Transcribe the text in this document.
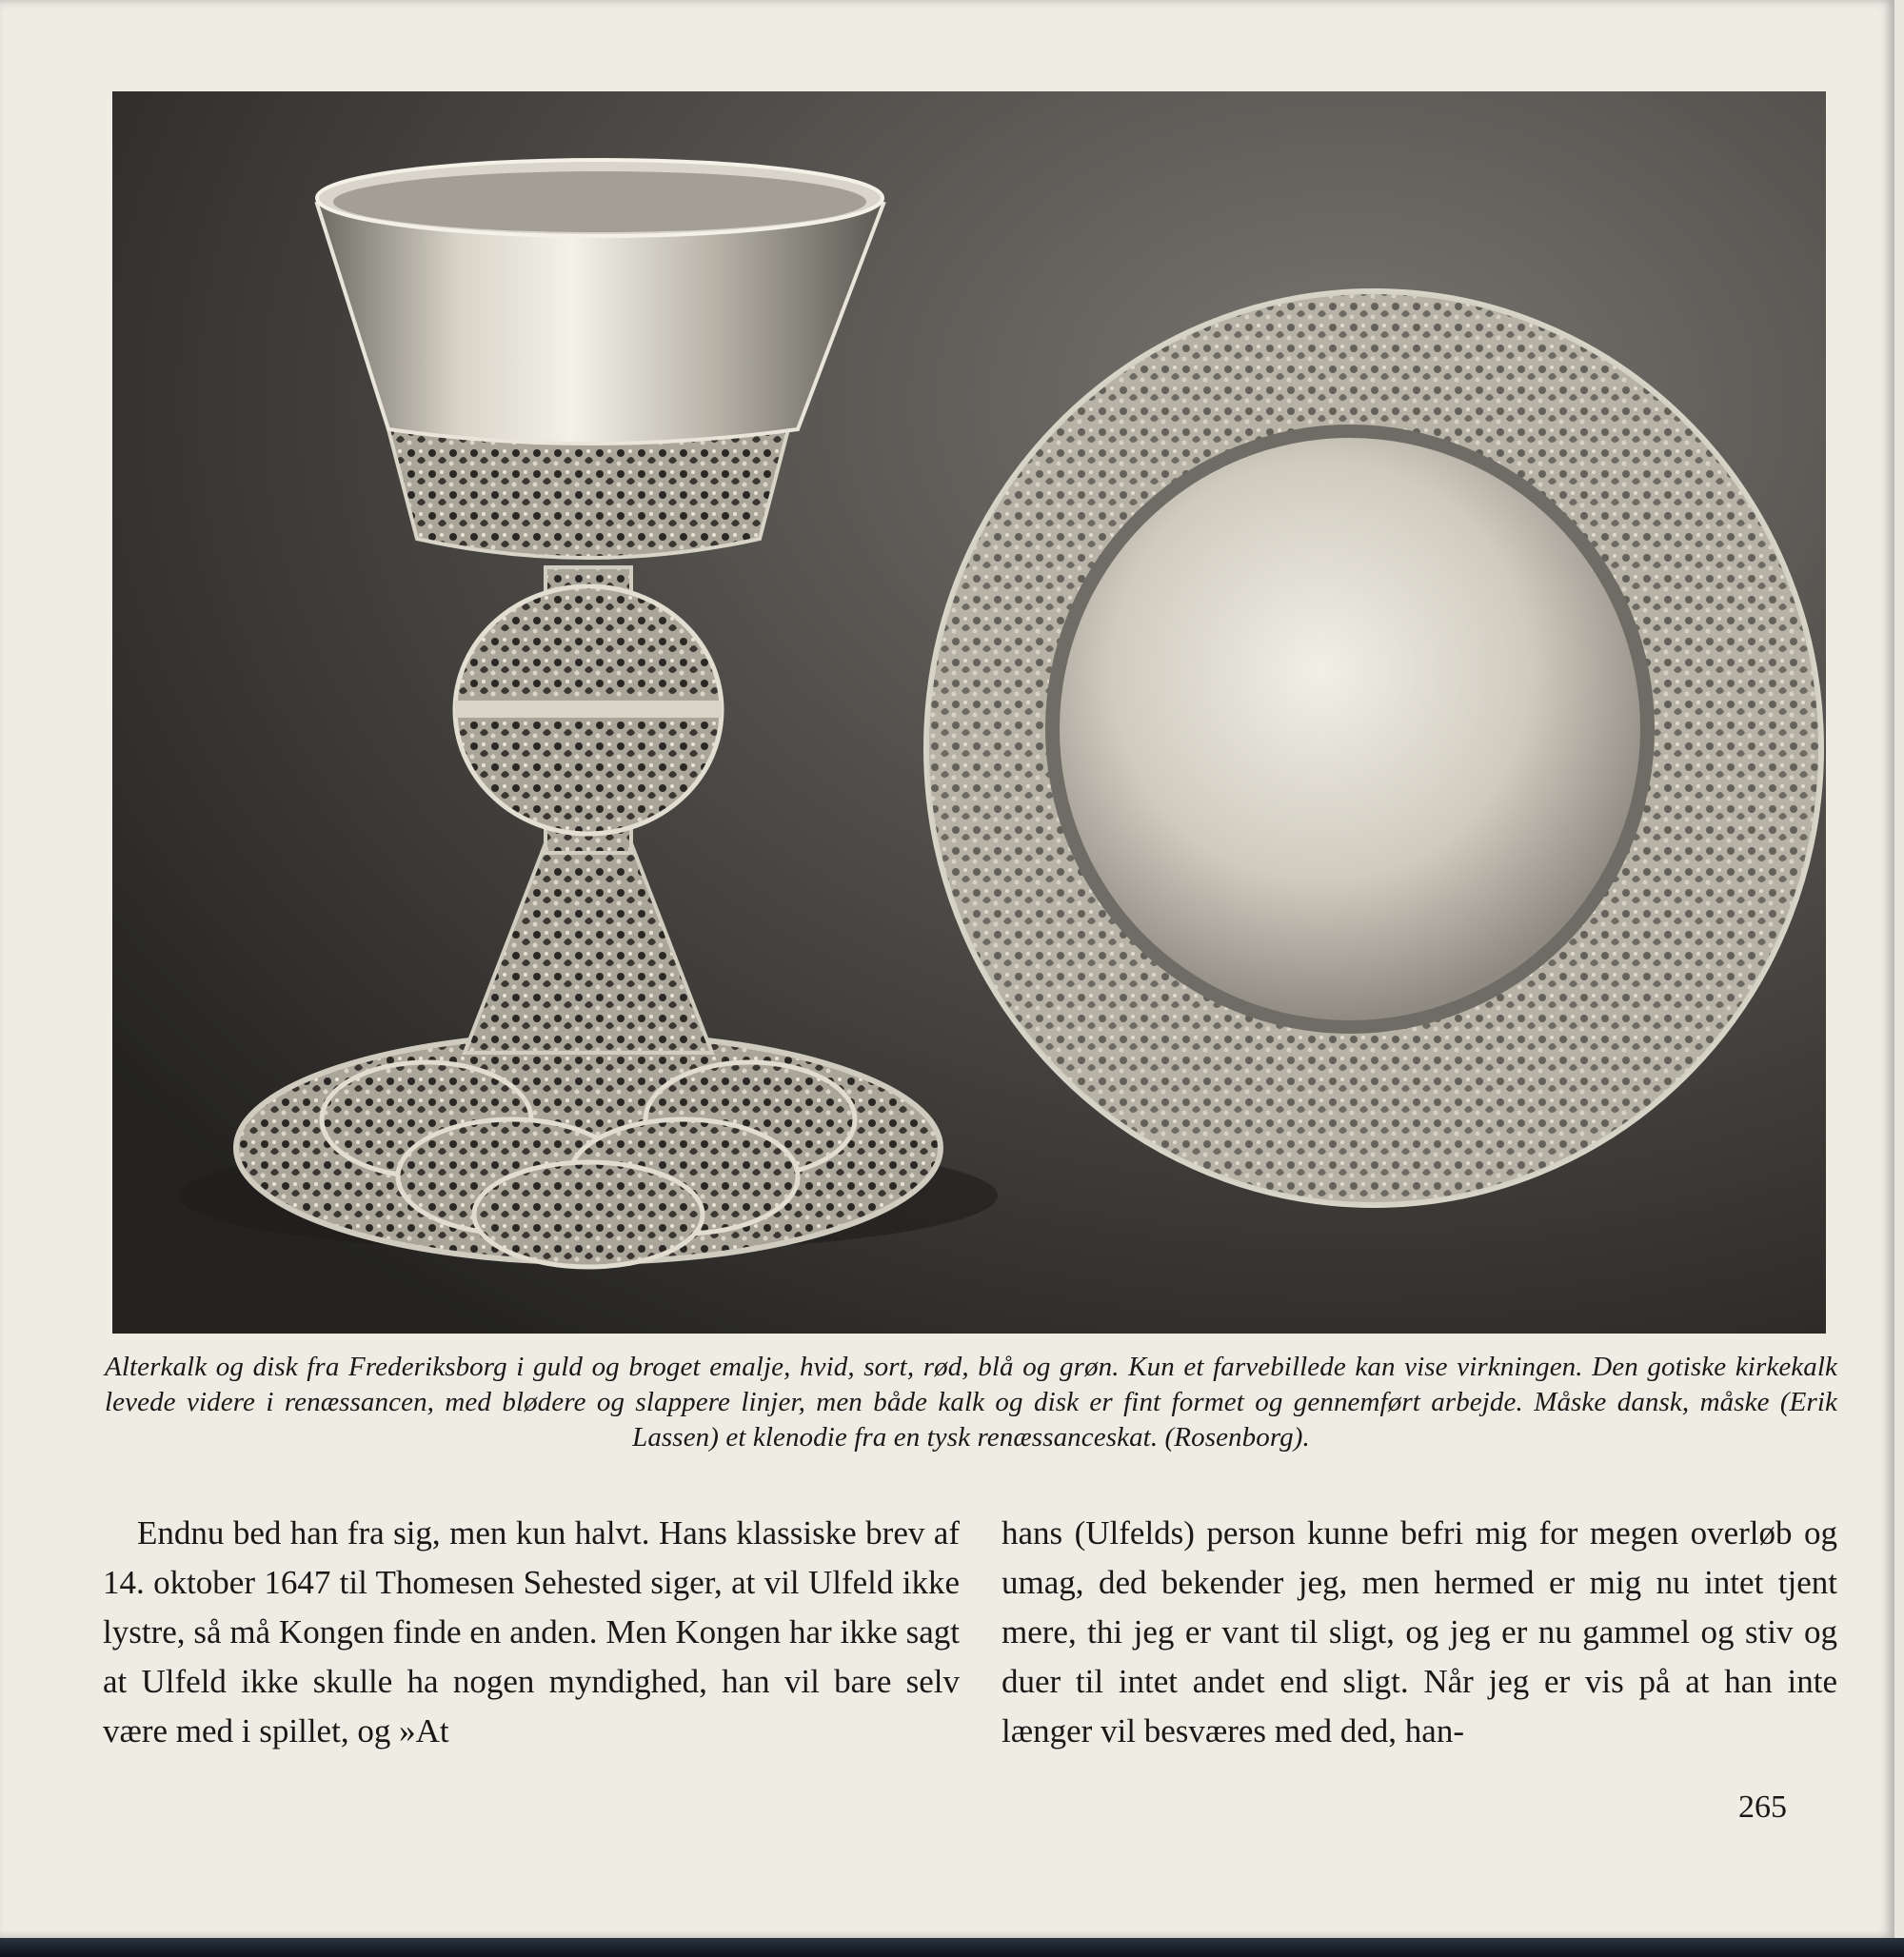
Alterkalk og disk fra Frederiksborg i guld og broget emalje, hvid, sort, rød, blå og grøn. Kun et farvebillede kan vise virkningen. Den gotiske kirkekalk levede videre i renæssancen, med blødere og slappere linjer, men både kalk og disk er fint formet og gennemført arbejde. Måske dansk, måske (Erik Lassen) et klenodie fra en tysk renæssanceskat. (Rosenborg).

Endnu bed han fra sig, men kun halvt. Hans klassiske brev af 14. oktober 1647 til Thomesen Sehested siger, at vil Ulfeld ikke lystre, så må Kongen finde en anden. Men Kongen har ikke sagt at Ulfeld ikke skulle ha nogen myndighed, han vil bare selv være med i spillet, og »At

hans (Ulfelds) person kunne befri mig for megen overløb og umag, ded bekender jeg, men hermed er mig nu intet tjent mere, thi jeg er vant til sligt, og jeg er nu gammel og stiv og duer til intet andet end sligt. Når jeg er vis på at han inte længer vil besværes med ded, han-

265
